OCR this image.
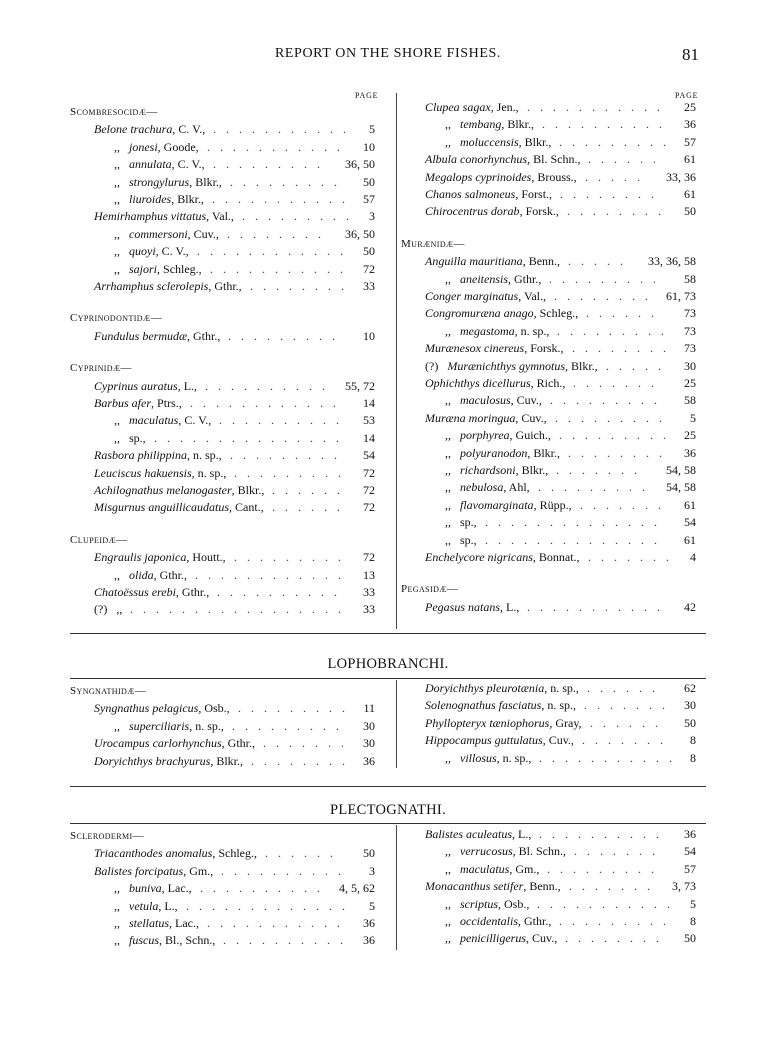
REPORT ON THE SHORE FISHES.	81
PAGE	PAGE
LOPHOBRANCHI.
PLECTOGNATHI.
Scombresocidæ—
Belone trachura, C. V., ...........	5
,, jonesi, Goode, ...........	10
,, annulata, C. V., .........	36, 50
,, strongylurus, Blkr., .........	50
,, liuroides, Blkr., ........... 57
Hemirhamphus vittatus, Val., ......... 3
,, commersoni, Cuv., ........	36, 50
,, quoyi, C. V., ............ 50
,, sajori, Schleg., ........... 72
Arrhamphus sclerolepis, Gthr., ........ 33
Cyprinodontidæ—
Fundulus bermudæ, Gthr., .........	10
Cyprinidæ—
Cyprinus auratus, L., .......... 55, 72
Barbus afer, Ptrs., ............	14
,, maculatus, C. V., ..........	53
,, sp., ...............	14
Rasbora philippina, n. sp., .........	54
Leuciscus hakuensis, n. sp., .........	72
Achilognathus melanogaster, Blkr., ......	72
Misgurnus anguillicaudatus, Cant., ......	72
Clupeidæ—
Engraulis japonica, Houtt., .........	72
,, olida, Gthr., ............	13
Chatoëssus erebi, Gthr., ..........	33
(?) ,, .................	33
Clupea sagax, Jen., ...........	25
,, tembang, Blkr., ..........	36
,, moluccensis, Blkr., ......... 57
Albula conorhynchus, Bl. Schn., ......	61
Megalops cyprinoides, Brouss., .....	33, 36
Chanos salmoneus, Forst., ........	61
Chirocentrus dorab, Forsk., ........	50
Murænidæ—
Anguilla mauritiana, Benn., .....	33, 36, 58
,, aneitensis, Gthr., .........	58
Conger marginatus, Val., ........ 61, 73
Congromuræna anago, Schleg., ......	73
,, megastoma, n. sp., ......... 73
Murænesox cinereus, Forsk., ........ 73
(?) Murænichthys gymnotus, Blkr., .....	30
Ophichthys dicellurus, Rich., .......	25
,, maculosus, Cuv., .........	58
Muræna moringua, Cuv., .........	5
,, porphyrea, Guich., ......... 25
,, polyuranodon, Blkr., ........	36
,, richardsoni, Blkr., .......	54, 58
,, nebulosa, Ahl, ......... 54, 58
,, flavomarginata, Rüpp., .......	61
,, sp., ..............	54
,, sp., ..............	61
Enchelycore nigricans, Bonnat., ....... 4
Pegasidæ—
Pegasus natans, L., ...........	42
Syngnathidæ—
Syngnathus pelagicus, Osb., ......... 11
,, superciliaris, n. sp., .........	30
Urocampus carlorhynchus, Gthr., ....... 30
Doryichthys brachyurus, Blkr., ........ 36
Doryichthys pleurotænia, n. sp., ......	62
Solenognathus fasciatus, n. sp., ....... 30
Phyllopteryx tæniophorus, Gray, ......	50
Hippocampus guttulatus, Cuv., .......	8
,, villosus, n. sp., ........... 8
Sclerodermi—
Triacanthodes anomalus, Schleg., ......	50
Balistes forcipatus, Gm., ..........	3
,, buniva, Lac., .......... 4, 5, 62
,, vetula, L., .............	5
,, stellatus, Lac., ...........	36
,, fuscus, Bl., Schn., .......... 36
Balistes aculeatus, L., ..........	36
,, verrucosus, Bl. Schn., .......	54
,, maculatus, Gm., .........	57
Monacanthus setifer, Benn., .......	3, 73
,, scriptus, Osb., ........... 5
,, occidentalis, Gthr., .........	8
,, penicilligerus, Cuv., ........	50
